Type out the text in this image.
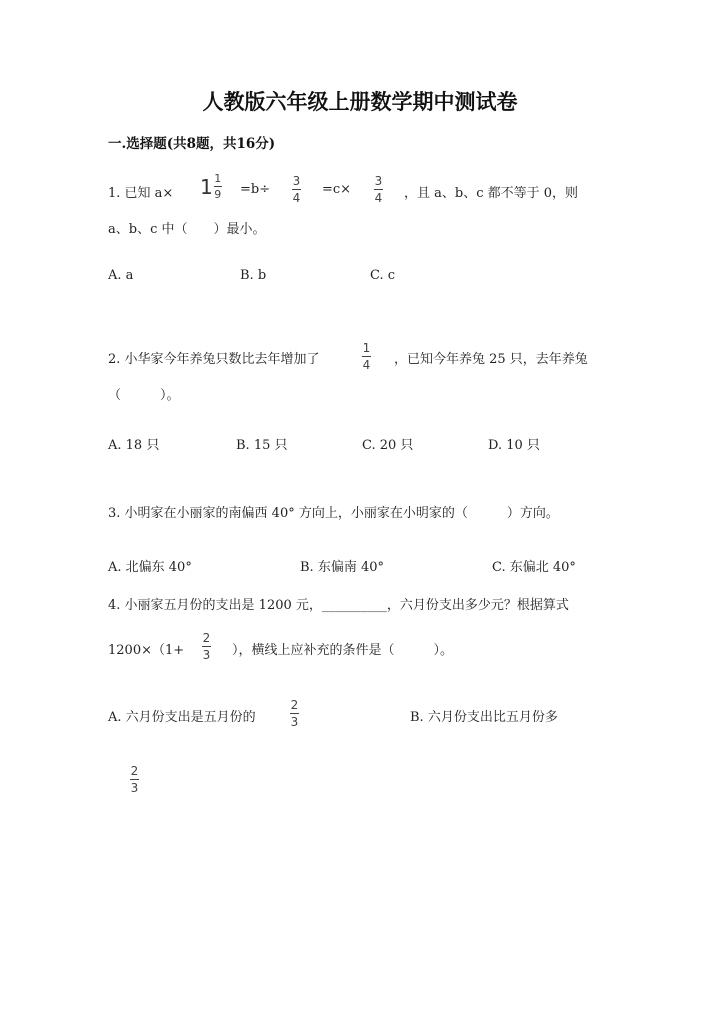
人教版六年级上册数学期中测试卷
一.选择题(共8题，共16分)
1. 已知 $a\times 1 \frac{1}{9} =b\div$
3
4
=c×
3
4 ，且 a、b、c 都不等于 0，则
a、b、c 中（　　）最小。
A. a	B. b	C. c
2. 小华家今年养兔只数比去年增加了
1
4 ，已知今年养兔 25 只，去年养兔
（　　　）。
A. 18 只	B. 15 只	C. 20 只	D. 10 只
3. 小明家在小丽家的南偏西 40° 方向上，小丽家在小明家的（　　　）方向。
A. 北偏东 40°	B. 东偏南 40°	C. 东偏北 40°
4. 小丽家五月份的支出是 1200 元，__________，六月份支出多少元？根据算式
1200×（1+
2
3 ），横线上应补充的条件是（　　　）。
A. 六月份支出是五月份的
2
3	B. 六月份支出比五月份多
2
3
